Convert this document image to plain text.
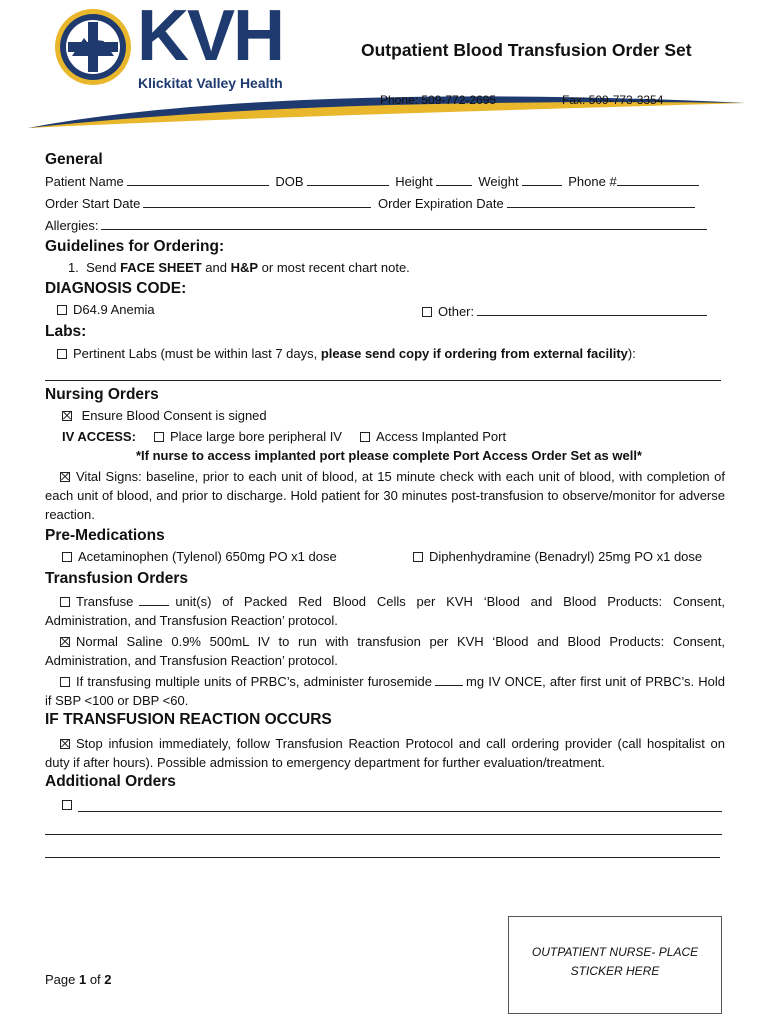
KVH
Klickitat Valley Health
Outpatient Blood Transfusion Order Set
Phone: 509-772-2695	Fax: 509-773-3354
General
Patient Name	DOB	Height	Weight	Phone #
Order Start Date	Order Expiration Date
Allergies:
Guidelines for Ordering:
1. Send FACE SHEET and H&P or most recent chart note.
DIAGNOSIS CODE:
D64.9 Anemia	Other:
Labs:
Pertinent Labs (must be within last 7 days, please send copy if ordering from external facility):
Nursing Orders
Ensure Blood Consent is signed
IV ACCESS:	Place large bore peripheral IV	Access Implanted Port
*If nurse to access implanted port please complete Port Access Order Set as well*
Vital Signs: baseline, prior to each unit of blood, at 15 minute check with each unit of blood, with completion of each unit of blood, and prior to discharge. Hold patient for 30 minutes post-transfusion to observe/monitor for adverse reaction.
Pre-Medications
Acetaminophen (Tylenol) 650mg PO x1 dose	Diphenhydramine (Benadryl) 25mg PO x1 dose
Transfusion Orders
Transfuse	unit(s) of Packed Red Blood Cells per KVH ‘Blood and Blood Products: Consent, Administration, and Transfusion Reaction’ protocol.
Normal Saline 0.9% 500mL IV to run with transfusion per KVH ‘Blood and Blood Products: Consent, Administration, and Transfusion Reaction’ protocol.
If transfusing multiple units of PRBC’s, administer furosemide	mg IV ONCE, after first unit of PRBC’s. Hold if SBP <100 or DBP <60.
IF TRANSFUSION REACTION OCCURS
Stop infusion immediately, follow Transfusion Reaction Protocol and call ordering provider (call hospitalist on duty if after hours). Possible admission to emergency department for further evaluation/treatment.
Additional Orders
Page 1 of 2
OUTPATIENT NURSE- PLACE
STICKER HERE
